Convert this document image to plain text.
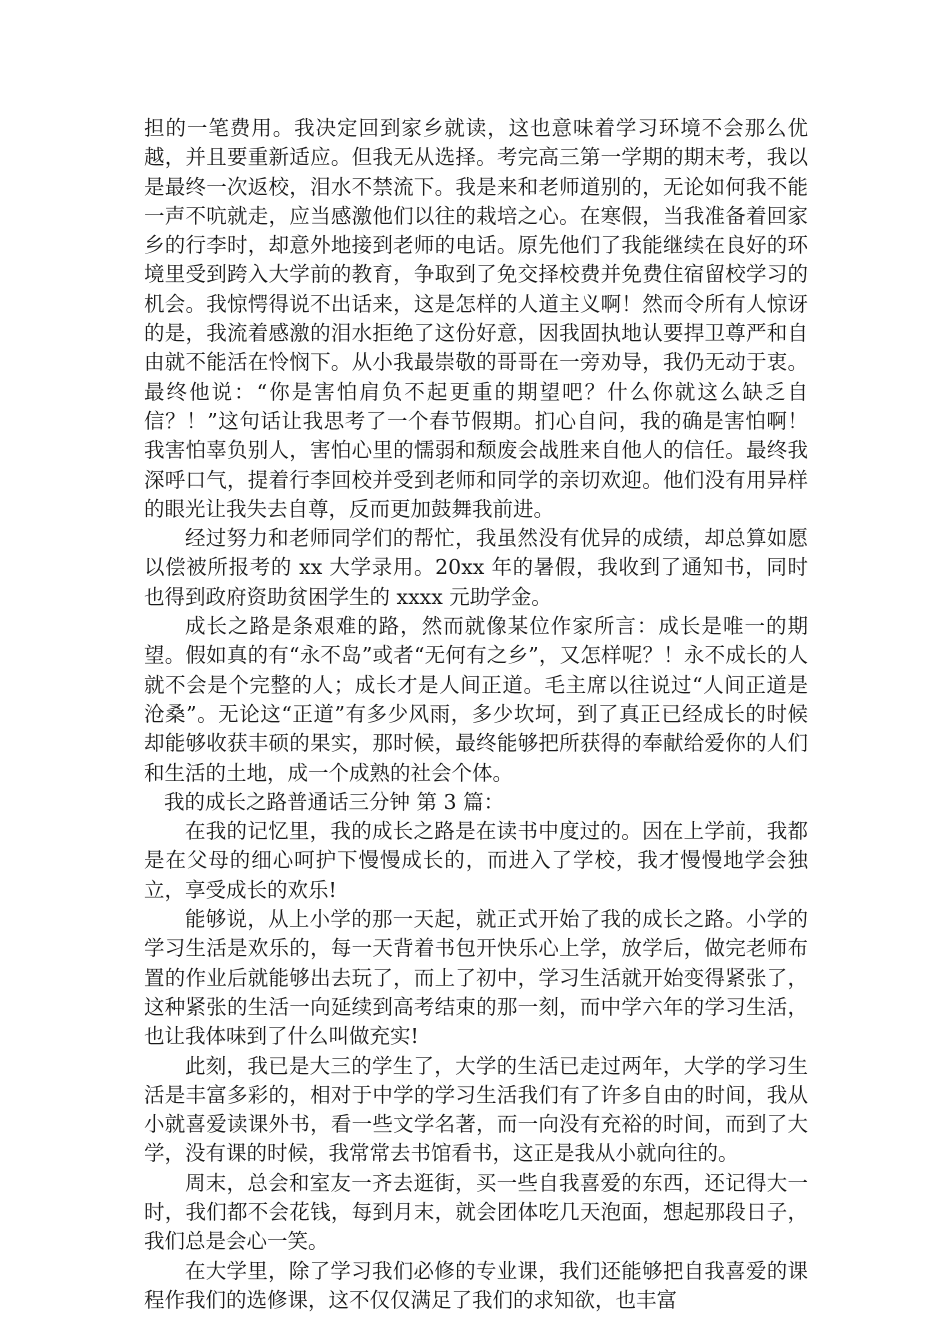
担的一笔费用。我决定回到家乡就读，这也意味着学习环境不会那么优越，并且要重新适应。但我无从选择。考完高三第一学期的期末考，我以是最终一次返校，泪水不禁流下。我是来和老师道别的，无论如何我不能一声不吭就走，应当感激他们以往的栽培之心。在寒假，当我准备着回家乡的行李时，却意外地接到老师的电话。原先他们了我能继续在良好的环境里受到跨入大学前的教育，争取到了免交择校费并免费住宿留校学习的机会。我惊愕得说不出话来，这是怎样的人道主义啊！然而令所有人惊讶的是，我流着感激的泪水拒绝了这份好意，因我固执地认要捍卫尊严和自由就不能活在怜悯下。从小我最崇敬的哥哥在一旁劝导，我仍无动于衷。最终他说：“你是害怕肩负不起更重的期望吧？什么你就这么缺乏自信？！”这句话让我思考了一个春节假期。扪心自问，我的确是害怕啊！我害怕辜负别人，害怕心里的懦弱和颓废会战胜来自他人的信任。最终我深呼口气，提着行李回校并受到老师和同学的亲切欢迎。他们没有用异样的眼光让我失去自尊，反而更加鼓舞我前进。

经过努力和老师同学们的帮忙，我虽然没有优异的成绩，却总算如愿以偿被所报考的 xx 大学录用。20xx 年的暑假，我收到了通知书，同时也得到政府资助贫困学生的 xxxx 元助学金。

成长之路是条艰难的路，然而就像某位作家所言：成长是唯一的期望。假如真的有“永不岛”或者“无何有之乡”，又怎样呢？！永不成长的人就不会是个完整的人；成长才是人间正道。毛主席以往说过“人间正道是沧桑”。无论这“正道”有多少风雨，多少坎坷，到了真正已经成长的时候却能够收获丰硕的果实，那时候，最终能够把所获得的奉献给爱你的人们和生活的土地，成一个成熟的社会个体。

我的成长之路普通话三分钟 第 3 篇：

在我的记忆里，我的成长之路是在读书中度过的。因在上学前，我都是在父母的细心呵护下慢慢成长的，而进入了学校，我才慢慢地学会独立，享受成长的欢乐!

能够说，从上小学的那一天起，就正式开始了我的成长之路。小学的学习生活是欢乐的，每一天背着书包开快乐心上学，放学后，做完老师布置的作业后就能够出去玩了，而上了初中，学习生活就开始变得紧张了，这种紧张的生活一向延续到高考结束的那一刻，而中学六年的学习生活，也让我体味到了什么叫做充实!

此刻，我已是大三的学生了，大学的生活已走过两年，大学的学习生活是丰富多彩的，相对于中学的学习生活我们有了许多自由的时间，我从小就喜爱读课外书，看一些文学名著，而一向没有充裕的时间，而到了大学，没有课的时候，我常常去书馆看书，这正是我从小就向往的。

周末，总会和室友一齐去逛街，买一些自我喜爱的东西，还记得大一时，我们都不会花钱，每到月末，就会团体吃几天泡面，想起那段日子，我们总是会心一笑。

在大学里，除了学习我们必修的专业课，我们还能够把自我喜爱的课程作我们的选修课，这不仅仅满足了我们的求知欲，也丰富
